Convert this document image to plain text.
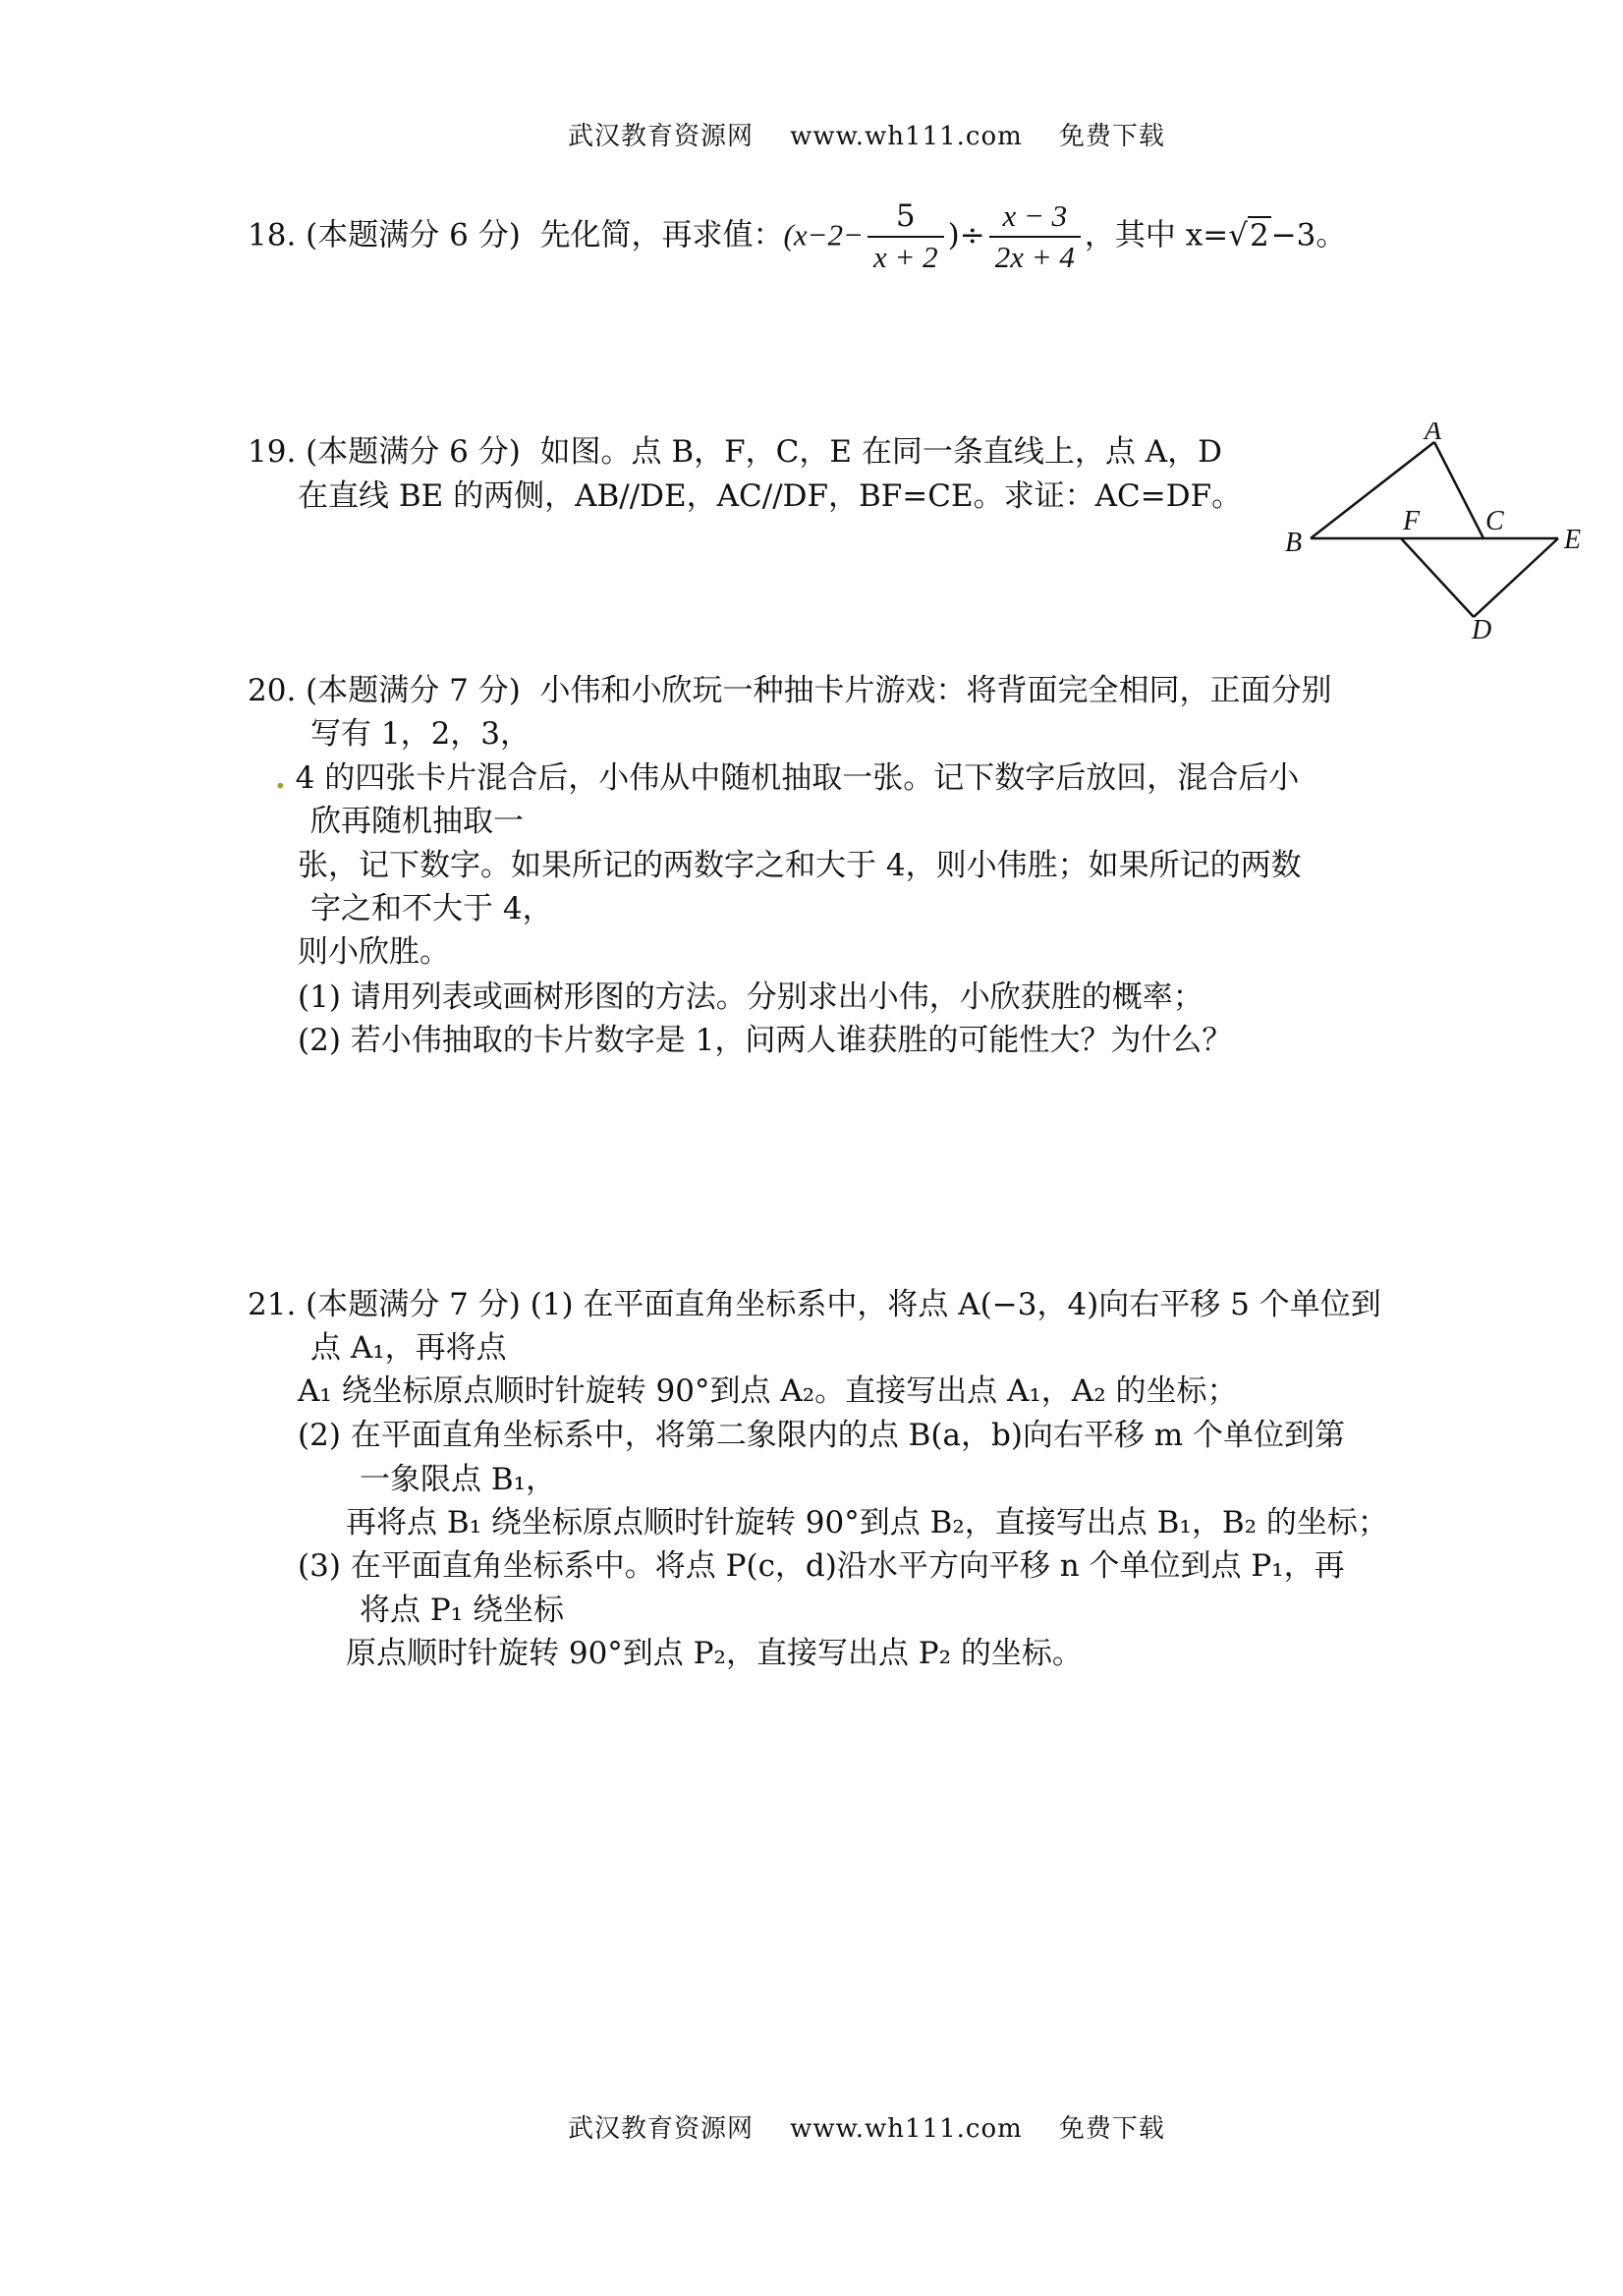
武汉教育资源网 www.wh111.com 免费下载
18. (本题满分 6 分) 先化简，再求值：($x-2- \frac{5}{x + 2}$ )÷ $\frac{x - 3}{2x + 4}$ ，其中 x=√2−3。
19. (本题满分 6 分) 如图。点 B，F，C，E 在同一条直线上，点 A，D
在直线 BE 的两侧，AB//DE，AC//DF，BF=CE。求证：AC=DF。
A
B
F C
E
D
20. (本题满分 7 分) 小伟和小欣玩一种抽卡片游戏：将背面完全相同，正面分别
写有 1，2，3，
. 4 的四张卡片混合后，小伟从中随机抽取一张。记下数字后放回，混合后小
欣再随机抽取一
张，记下数字。如果所记的两数字之和大于 4，则小伟胜；如果所记的两数
字之和不大于 4，
则小欣胜。
(1) 请用列表或画树形图的方法。分别求出小伟，小欣获胜的概率；
(2) 若小伟抽取的卡片数字是 1，问两人谁获胜的可能性大？为什么？
21. (本题满分 7 分) (1) 在平面直角坐标系中，将点 A(−3，4)向右平移 5 个单位到
点 A₁，再将点
A₁ 绕坐标原点顺时针旋转 90°到点 A₂。直接写出点 A₁，A₂ 的坐标；
(2) 在平面直角坐标系中，将第二象限内的点 B(a，b)向右平移 m 个单位到第
一象限点 B₁，
再将点 B₁ 绕坐标原点顺时针旋转 90°到点 B₂，直接写出点 B₁，B₂ 的坐标；
(3) 在平面直角坐标系中。将点 P(c，d)沿水平方向平移 n 个单位到点 P₁，再
将点 P₁ 绕坐标
原点顺时针旋转 90°到点 P₂，直接写出点 P₂ 的坐标。
武汉教育资源网 www.wh111.com 免费下载
